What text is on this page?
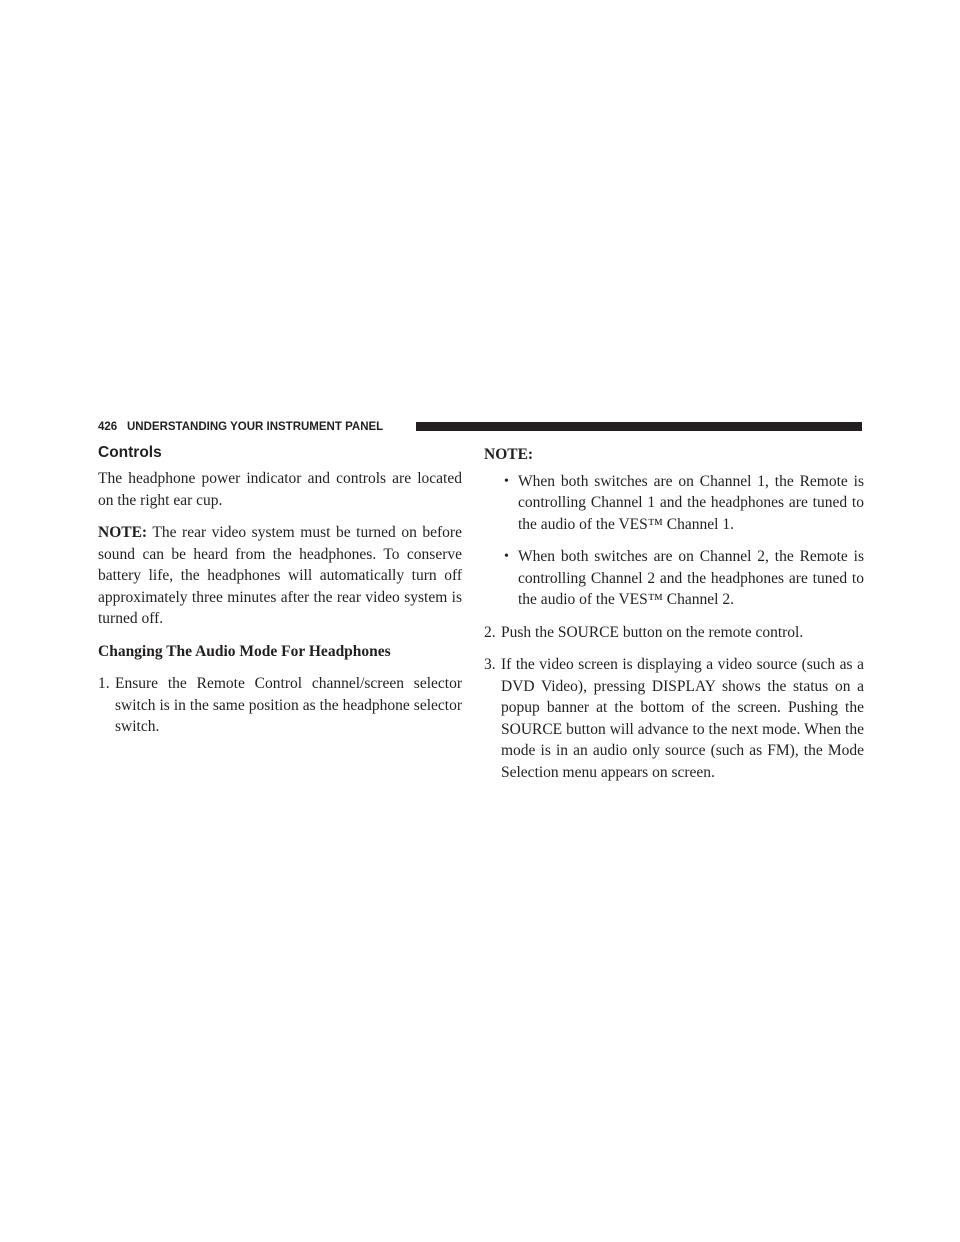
426 UNDERSTANDING YOUR INSTRUMENT PANEL
Controls

The headphone power indicator and controls are located on the right ear cup.

NOTE: The rear video system must be turned on before sound can be heard from the headphones. To conserve battery life, the headphones will automatically turn off approximately three minutes after the rear video system is turned off.

Changing The Audio Mode For Headphones
1. Ensure the Remote Control channel/screen selector switch is in the same position as the headphone selector switch.
NOTE:
• When both switches are on Channel 1, the Remote is controlling Channel 1 and the headphones are tuned to the audio of the VES™ Channel 1.
• When both switches are on Channel 2, the Remote is controlling Channel 2 and the headphones are tuned to the audio of the VES™ Channel 2.
2. Push the SOURCE button on the remote control.
3. If the video screen is displaying a video source (such as a DVD Video), pressing DISPLAY shows the status on a popup banner at the bottom of the screen. Pushing the SOURCE button will advance to the next mode. When the mode is in an audio only source (such as FM), the Mode Selection menu appears on screen.
